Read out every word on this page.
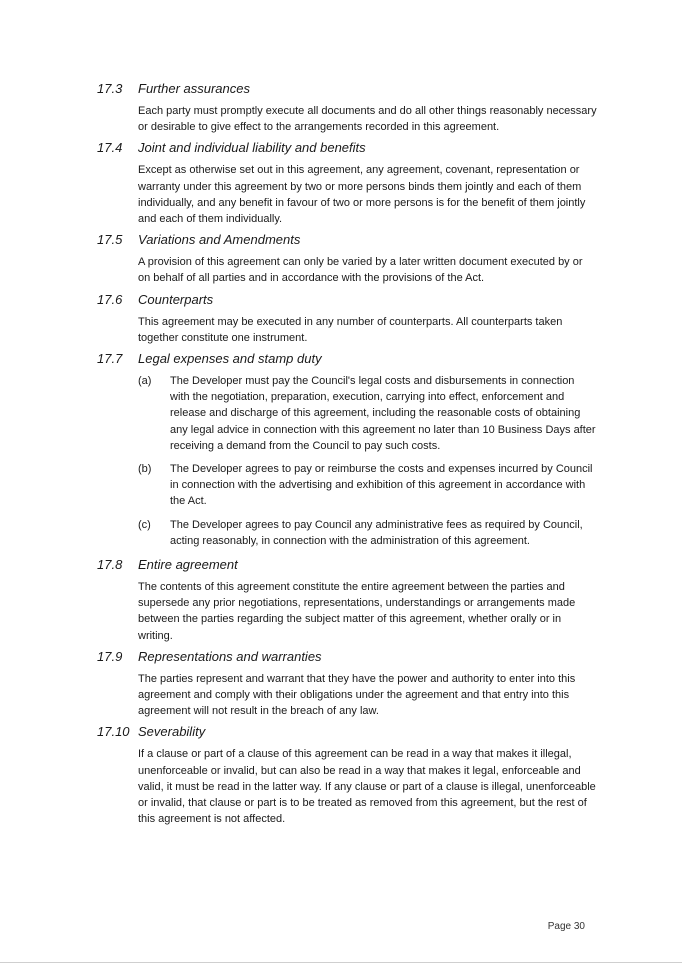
17.3	Further assurances
Each party must promptly execute all documents and do all other things reasonably necessary or desirable to give effect to the arrangements recorded in this agreement.
17.4	Joint and individual liability and benefits
Except as otherwise set out in this agreement, any agreement, covenant, representation or warranty under this agreement by two or more persons binds them jointly and each of them individually, and any benefit in favour of two or more persons is for the benefit of them jointly and each of them individually.
17.5	Variations and Amendments
A provision of this agreement can only be varied by a later written document executed by or on behalf of all parties and in accordance with the provisions of the Act.
17.6	Counterparts
This agreement may be executed in any number of counterparts. All counterparts taken together constitute one instrument.
17.7	Legal expenses and stamp duty
(a)	The Developer must pay the Council's legal costs and disbursements in connection with the negotiation, preparation, execution, carrying into effect, enforcement and release and discharge of this agreement, including the reasonable costs of obtaining any legal advice in connection with this agreement no later than 10 Business Days after receiving a demand from the Council to pay such costs.
(b)	The Developer agrees to pay or reimburse the costs and expenses incurred by Council in connection with the advertising and exhibition of this agreement in accordance with the Act.
(c)	The Developer agrees to pay Council any administrative fees as required by Council, acting reasonably, in connection with the administration of this agreement.
17.8	Entire agreement
The contents of this agreement constitute the entire agreement between the parties and supersede any prior negotiations, representations, understandings or arrangements made between the parties regarding the subject matter of this agreement, whether orally or in writing.
17.9	Representations and warranties
The parties represent and warrant that they have the power and authority to enter into this agreement and comply with their obligations under the agreement and that entry into this agreement will not result in the breach of any law.
17.10 Severability
If a clause or part of a clause of this agreement can be read in a way that makes it illegal, unenforceable or invalid, but can also be read in a way that makes it legal, enforceable and valid, it must be read in the latter way. If any clause or part of a clause is illegal, unenforceable or invalid, that clause or part is to be treated as removed from this agreement, but the rest of this agreement is not affected.
Page 30
